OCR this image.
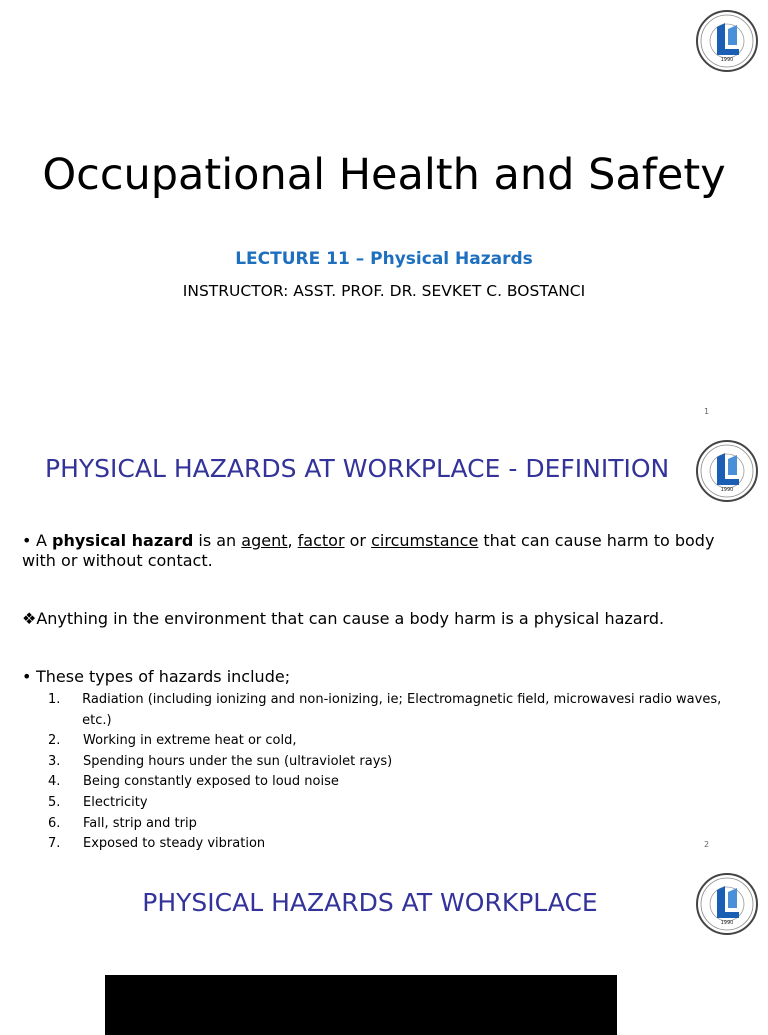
1990
Occupational Health and Safety
LECTURE 11 – Physical Hazards
INSTRUCTOR: ASST. PROF. DR. SEVKET C. BOSTANCI
1
1990
PHYSICAL HAZARDS AT WORKPLACE - DEFINITION
• A physical hazard is an agent, factor or circumstance that can cause harm to body with or without contact.
❖Anything in the environment that can cause a body harm is a physical hazard.
• These types of hazards include;
1.	Radiation (including ionizing and non-ionizing, ie; Electromagnetic field, microwavesi radio waves, etc.)
2.	Working in extreme heat or cold,
3.	Spending hours under the sun (ultraviolet rays)
4.	Being constantly exposed to loud noise
5.	Electricity
6.	Fall, strip and trip
7.	Exposed to steady vibration	2
1990
PHYSICAL HAZARDS AT WORKPLACE
